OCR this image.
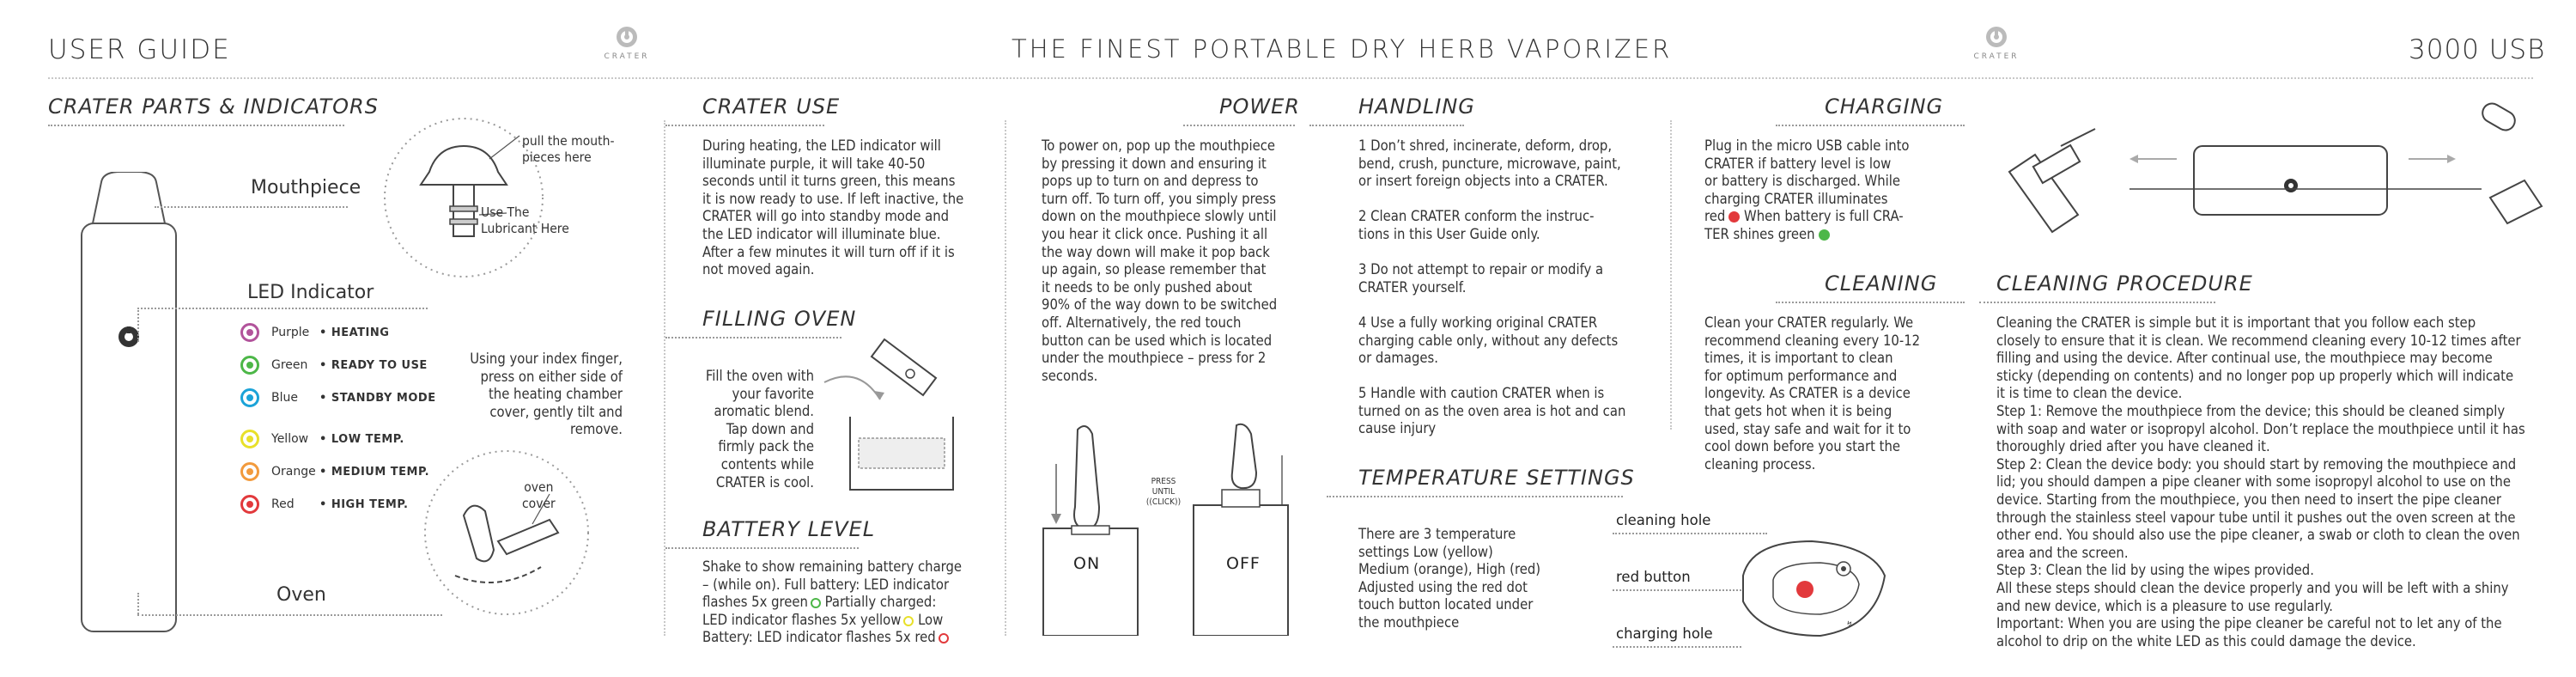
USER GUIDE	THE FINEST PORTABLE DRY HERB VAPORIZER	3000 USB
CRATER	CRATER
CRATER PARTS & INDICATORS
Mouthpiece
LED Indicator
Oven
Purple • HEATING
Green	• READY TO USE
Blue	• STANDBY MODE
Yellow • LOW TEMP.
Orange • MEDIUM TEMP.
Red	• HIGH TEMP.
pull the mouth-
pieces here
Use The
Lubricant Here
Using your index finger,
press on either side of
the heating chamber
cover, gently tilt and
remove.
oven
cover
CRATER USE
During heating, the LED indicator will
illuminate purple, it will take 40-50
seconds until it turns green, this means
it is now ready to use. If left inactive, the
CRATER will go into standby mode and
the LED indicator will illuminate blue.
After a few minutes it will turn off if it is
not moved again.
FILLING OVEN
Fill the oven with
your favorite
aromatic blend.
Tap down and
firmly pack the
contents while
CRATER is cool.
BATTERY LEVEL
Shake to show remaining battery charge
– (while on). Full battery: LED indicator
flashes 5x green Partially charged:
LED indicator flashes 5x yellow Low
Battery: LED indicator flashes 5x red
POWER
To power on, pop up the mouthpiece
by pressing it down and ensuring it
pops up to turn on and depress to
turn off. To turn off, you simply press
down on the mouthpiece slowly until
you hear it click once. Pushing it all
the way down will make it pop back
up again, so please remember that
it needs to be only pushed about
90% of the way down to be switched
off. Alternatively, the red touch
button can be used which is located
under the mouthpiece – press for 2
seconds.
ON
PRESS
UNTIL
((CLICK))
OFF
HANDLING
1 Don’t shred, incinerate, deform, drop,
bend, crush, puncture, microwave, paint,
or insert foreign objects into a CRATER.
2 Clean CRATER conform the instruc-
tions in this User Guide only.
3 Do not attempt to repair or modify a
CRATER yourself.
4 Use a fully working original CRATER
charging cable only, without any defects
or damages.
5 Handle with caution CRATER when is
turned on as the oven area is hot and can
cause injury
TEMPERATURE SETTINGS
There are 3 temperature
settings Low (yellow)
Medium (orange), High (red)
Adjusted using the red dot
touch button located under
the mouthpiece
cleaning hole
red button
charging hole
↯
CHARGING
Plug in the micro USB cable into
CRATER if battery level is low
or battery is discharged. While
charging CRATER illuminates
red When battery is full CRA-
TER shines green
CLEANING
Clean your CRATER regularly. We
recommend cleaning every 10-12
times, it is important to clean
for optimum performance and
longevity. As CRATER is a device
that gets hot when it is being
used, stay safe and wait for it to
cool down before you start the
cleaning process.
CLEANING PROCEDURE
Cleaning the CRATER is simple but it is important that you follow each step
closely to ensure that it is clean. We recommend cleaning every 10-12 times after
filling and using the device. After continual use, the mouthpiece may become
sticky (depending on contents) and no longer pop up properly which will indicate
it is time to clean the device.
Step 1: Remove the mouthpiece from the device; this should be cleaned simply
with soap and water or isopropyl alcohol. Don’t replace the mouthpiece until it has
thoroughly dried after you have cleaned it.
Step 2: Clean the device body: you should start by removing the mouthpiece and
lid; you should dampen a pipe cleaner with some isopropyl alcohol to use on the
device. Starting from the mouthpiece, you then need to insert the pipe cleaner
through the stainless steel vapour tube until it pushes out the oven screen at the
other end. You should also use the pipe cleaner, a swab or cloth to clean the oven
area and the screen.
Step 3: Clean the lid by using the wipes provided.
All these steps should clean the device properly and you will be left with a shiny
and new device, which is a pleasure to use regularly.
Important: When you are using the pipe cleaner be careful not to let any of the
alcohol to drip on the white LED as this could damage the device.
